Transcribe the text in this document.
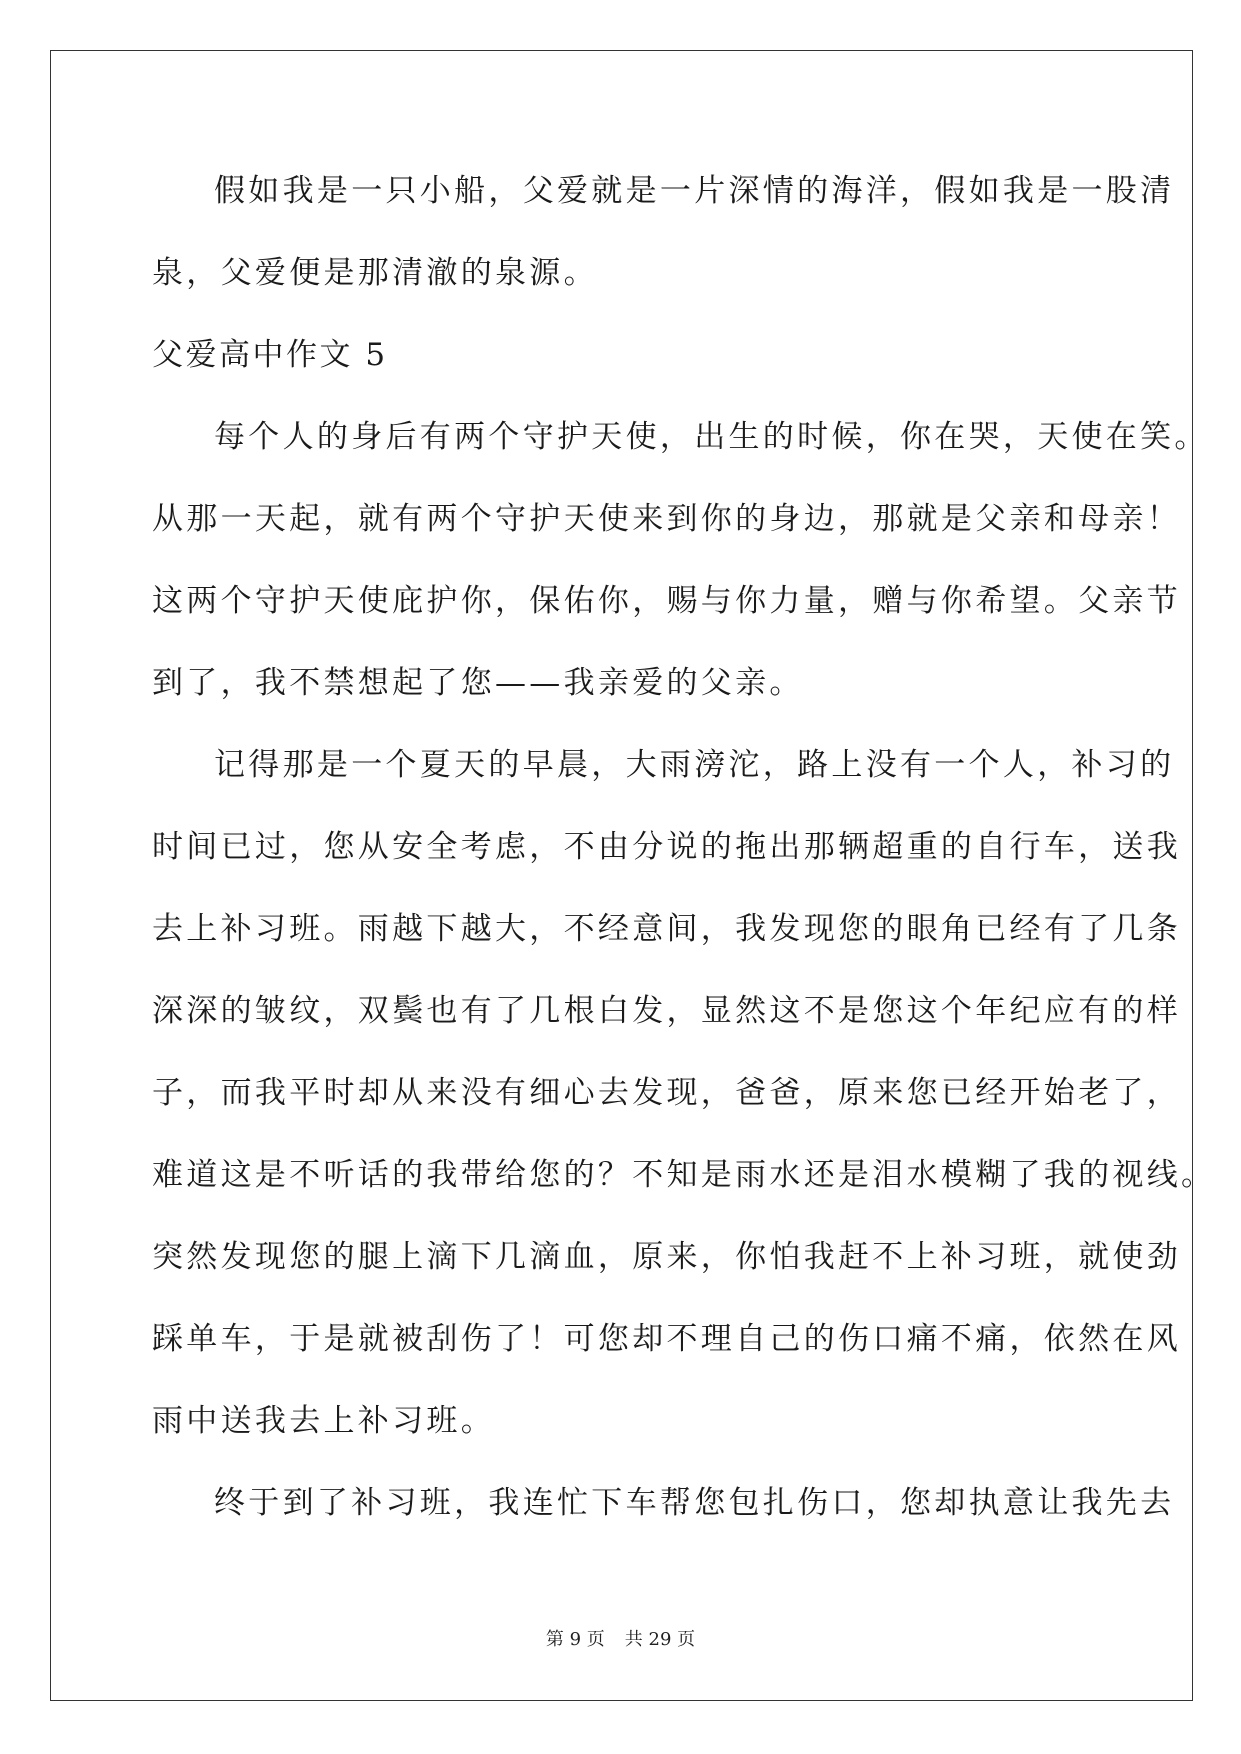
假如我是一只小船，父爱就是一片深情的海洋，假如我是一股清
泉，父爱便是那清澈的泉源。
父爱高中作文 5
每个人的身后有两个守护天使，出生的时候，你在哭，天使在笑。
从那一天起，就有两个守护天使来到你的身边，那就是父亲和母亲！
这两个守护天使庇护你，保佑你，赐与你力量，赠与你希望。父亲节
到了，我不禁想起了您——我亲爱的父亲。
记得那是一个夏天的早晨，大雨滂沱，路上没有一个人，补习的
时间已过，您从安全考虑，不由分说的拖出那辆超重的自行车，送我
去上补习班。雨越下越大，不经意间，我发现您的眼角已经有了几条
深深的皱纹，双鬓也有了几根白发，显然这不是您这个年纪应有的样
子，而我平时却从来没有细心去发现，爸爸，原来您已经开始老了，
难道这是不听话的我带给您的？不知是雨水还是泪水模糊了我的视线。
突然发现您的腿上滴下几滴血，原来，你怕我赶不上补习班，就使劲
踩单车，于是就被刮伤了！可您却不理自己的伤口痛不痛，依然在风
雨中送我去上补习班。
终于到了补习班，我连忙下车帮您包扎伤口，您却执意让我先去
第 9 页 共 29 页
